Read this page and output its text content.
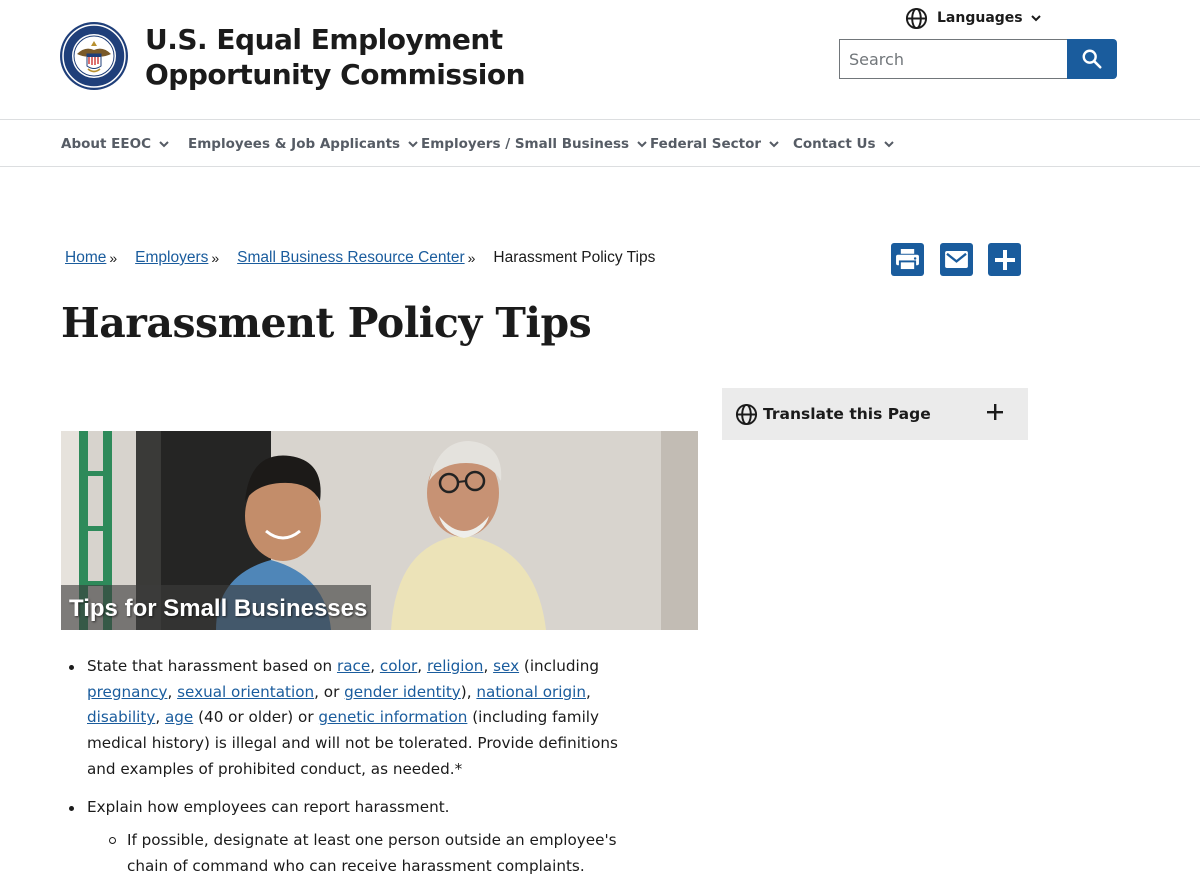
U.S. Equal Employment
Opportunity Commission
Languages
Search
About EEOC	Employees & Job Applicants Employers / Small Business Federal Sector Contact Us
Home » Employers » Small Business Resource Center » Harassment Policy Tips
Harassment Policy Tips
Translate this Page
Tips for Small Businesses
State that harassment based on race, color, religion, sex (including pregnancy, sexual orientation, or gender identity), national origin, disability, age (40 or older) or genetic information (including family medical history) is illegal and will not be tolerated. Provide definitions and examples of prohibited conduct, as needed.*
Explain how employees can report harassment.
If possible, designate at least one person outside an employee's chain of command who can receive harassment complaints.
